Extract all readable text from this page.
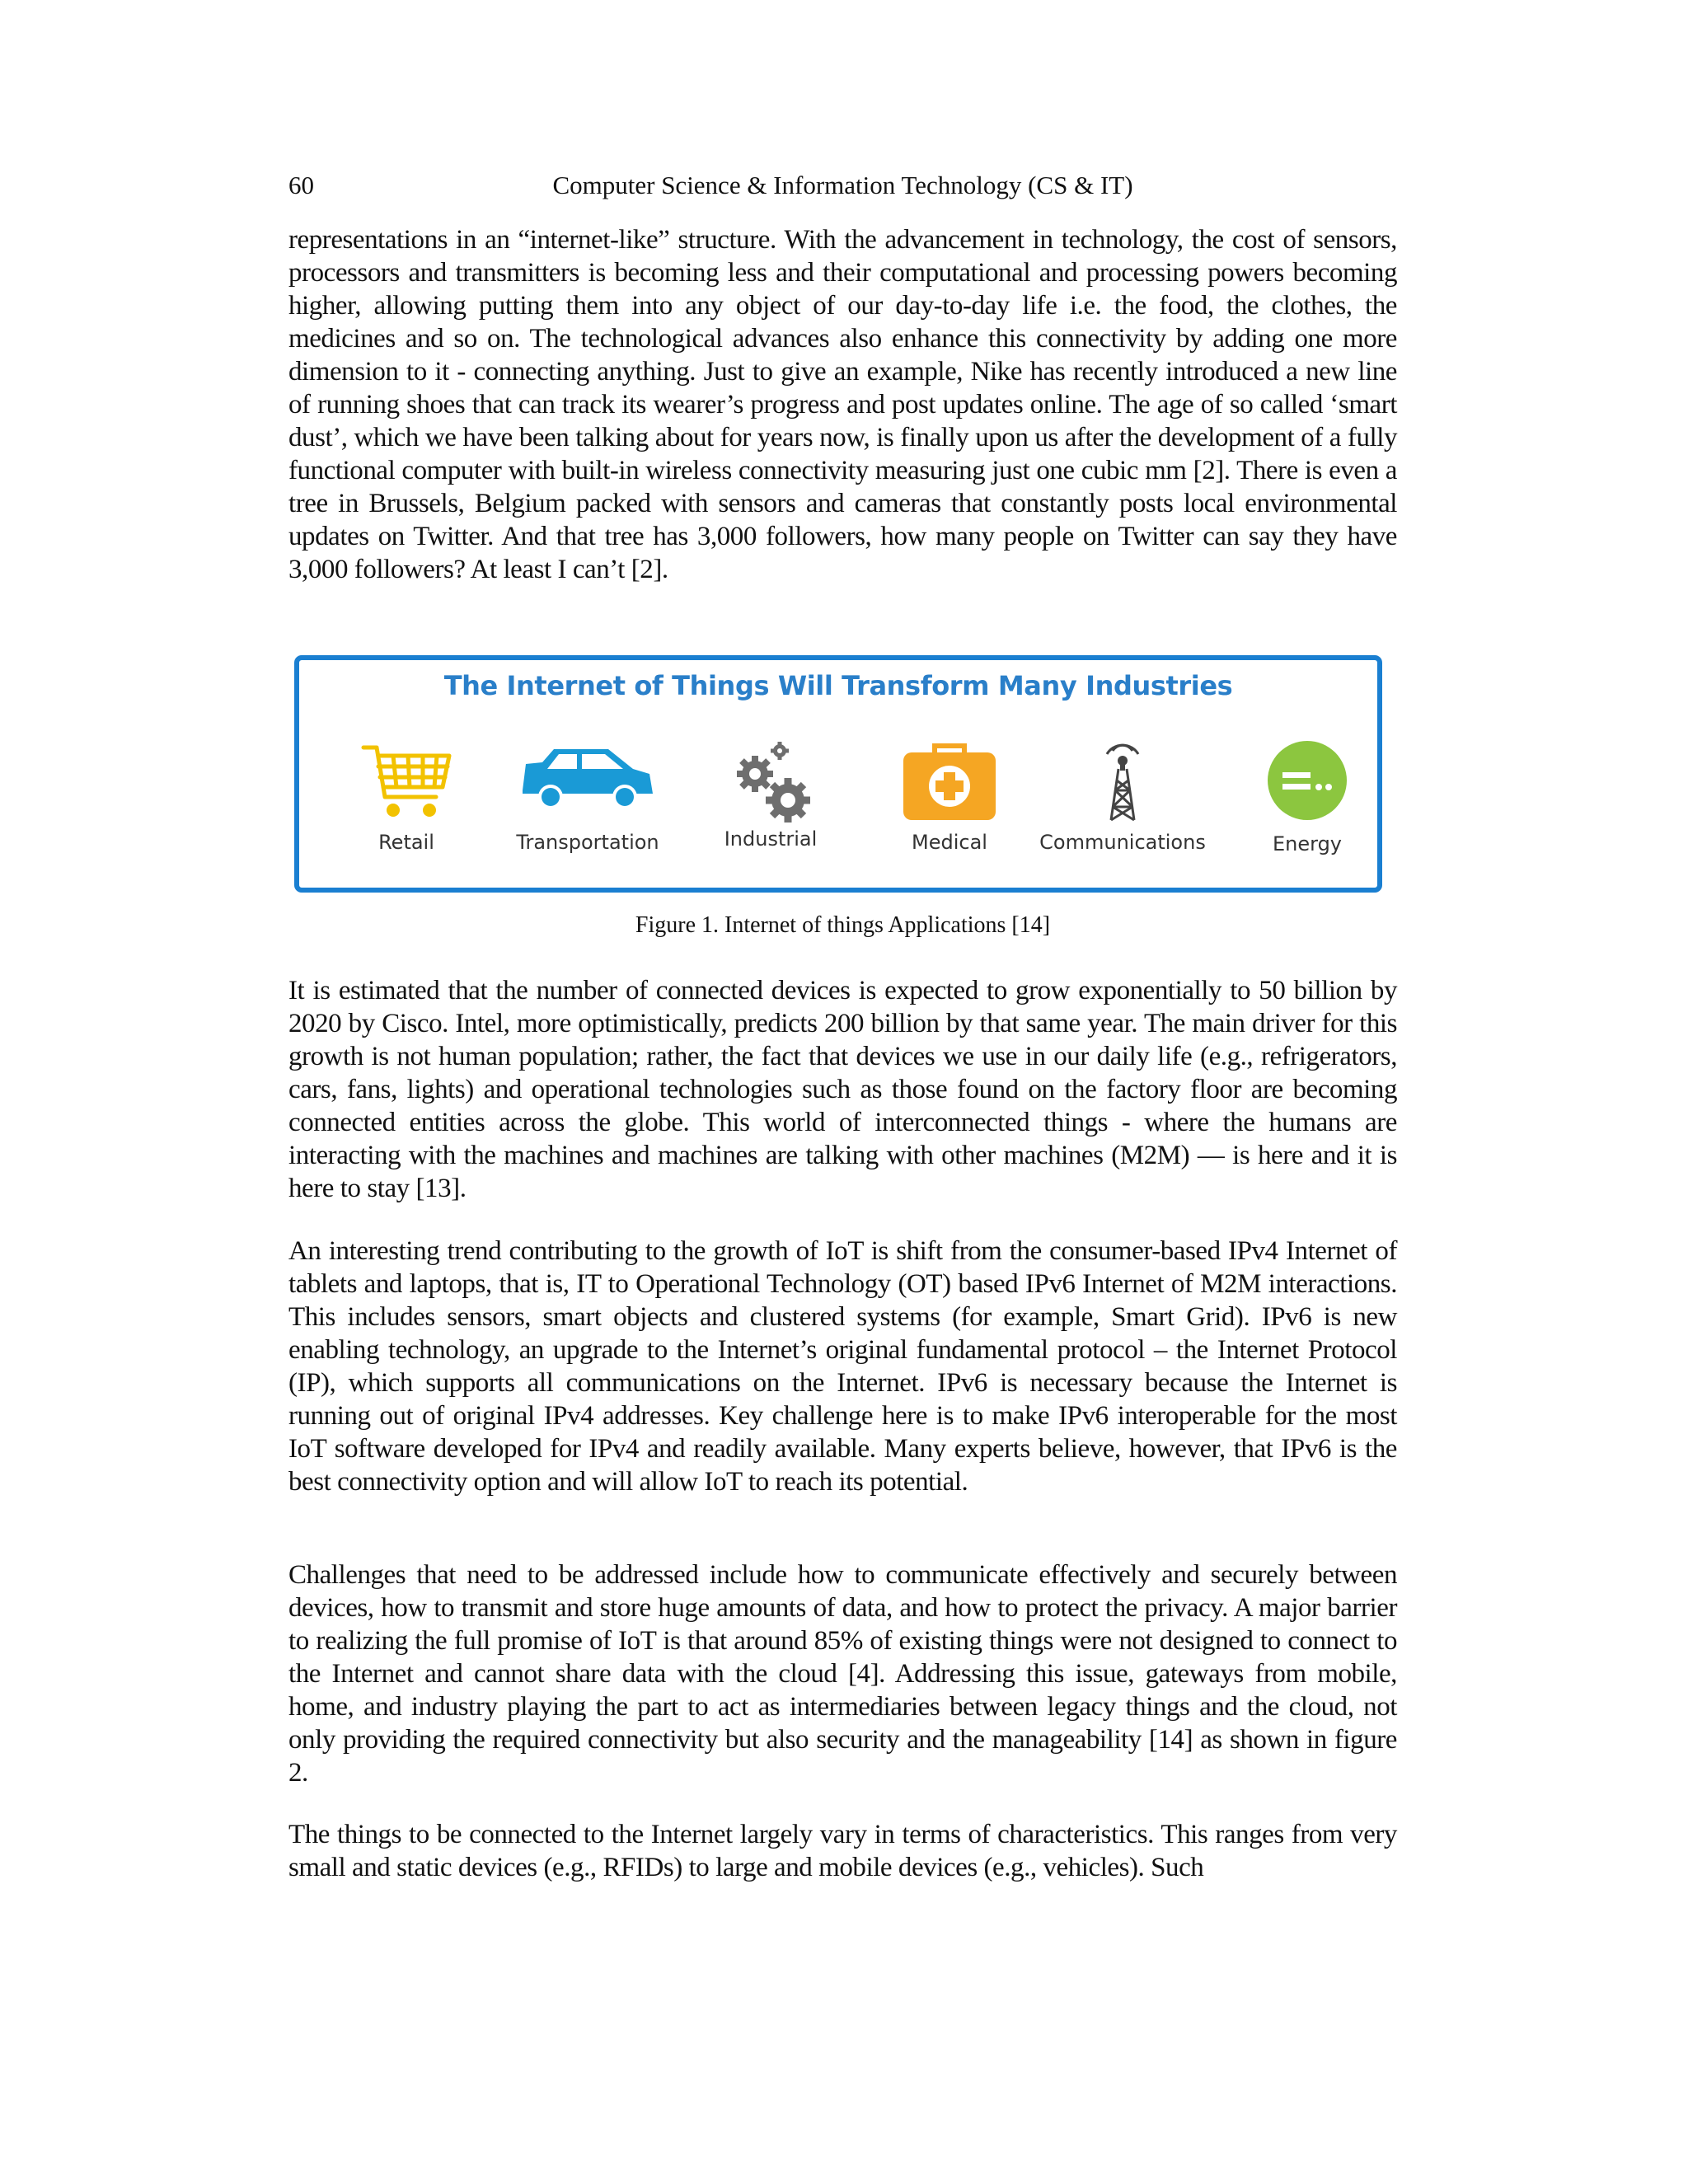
60	Computer Science & Information Technology (CS & IT)

representations in an “internet-like” structure. With the advancement in technology, the cost of sensors, processors and transmitters is becoming less and their computational and processing powers becoming higher, allowing putting them into any object of our day-to-day life i.e. the food, the clothes, the medicines and so on. The technological advances also enhance this connectivity by adding one more dimension to it - connecting anything. Just to give an example, Nike has recently introduced a new line of running shoes that can track its wearer’s progress and post updates online. The age of so called ‘smart dust’, which we have been talking about for years now, is finally upon us after the development of a fully functional computer with built-in wireless connectivity measuring just one cubic mm [2]. There is even a tree in Brussels, Belgium packed with sensors and cameras that constantly posts local environmental updates on Twitter. And that tree has 3,000 followers, how many people on Twitter can say they have 3,000 followers? At least I can’t [2].

The Internet of Things Will Transform Many Industries
Retail	Transportation	Industrial	Medical	Communications	Energy
Figure 1. Internet of things Applications [14]

It is estimated that the number of connected devices is expected to grow exponentially to 50 billion by 2020 by Cisco. Intel, more optimistically, predicts 200 billion by that same year. The main driver for this growth is not human population; rather, the fact that devices we use in our daily life (e.g., refrigerators, cars, fans, lights) and operational technologies such as those found on the factory floor are becoming connected entities across the globe. This world of interconnected things - where the humans are interacting with the machines and machines are talking with other machines (M2M) — is here and it is here to stay [13].

An interesting trend contributing to the growth of IoT is shift from the consumer-based IPv4 Internet of tablets and laptops, that is, IT to Operational Technology (OT) based IPv6 Internet of M2M interactions. This includes sensors, smart objects and clustered systems (for example, Smart Grid). IPv6 is new enabling technology, an upgrade to the Internet’s original fundamental protocol – the Internet Protocol (IP), which supports all communications on the Internet. IPv6 is necessary because the Internet is running out of original IPv4 addresses. Key challenge here is to make IPv6 interoperable for the most IoT software developed for IPv4 and readily available. Many experts believe, however, that IPv6 is the best connectivity option and will allow IoT to reach its potential.

Challenges that need to be addressed include how to communicate effectively and securely between devices, how to transmit and store huge amounts of data, and how to protect the privacy. A major barrier to realizing the full promise of IoT is that around 85% of existing things were not designed to connect to the Internet and cannot share data with the cloud [4]. Addressing this issue, gateways from mobile, home, and industry playing the part to act as intermediaries between legacy things and the cloud, not only providing the required connectivity but also security and the manageability [14] as shown in figure 2.

The things to be connected to the Internet largely vary in terms of characteristics. This ranges from very small and static devices (e.g., RFIDs) to large and mobile devices (e.g., vehicles). Such
